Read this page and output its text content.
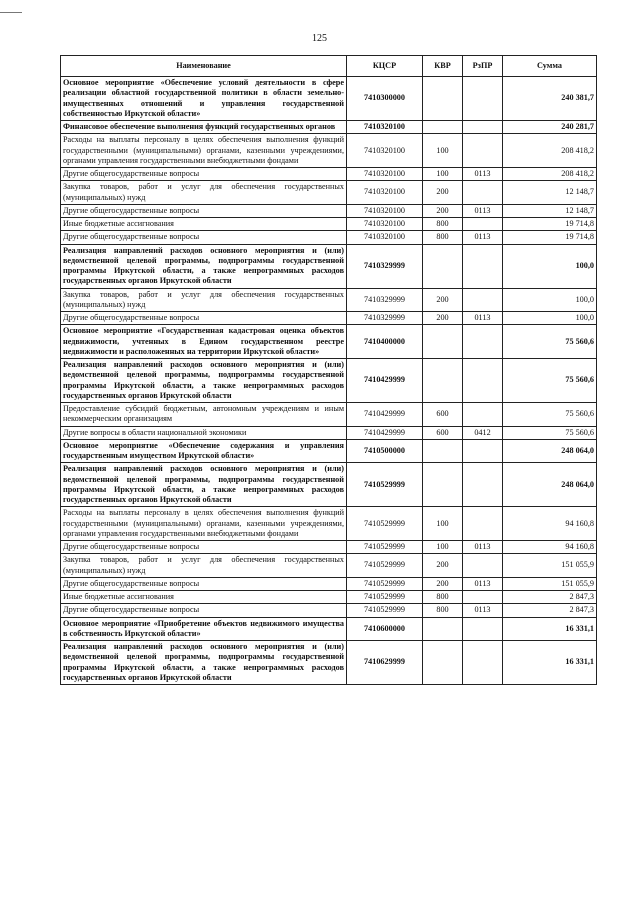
125
Наименование	КЦСР	КВР	РзПР	Сумма
Основное мероприятие «Обеспечение условий деятельности в сфере реализации областной государственной политики в области земельно-имущественных отношений и управления государственной собственностью Иркутской области»	7410300000			240 381,7
Финансовое обеспечение выполнения функций государственных органов	7410320100			240 281,7
Расходы на выплаты персоналу в целях обеспечения выполнения функций государственными (муниципальными) органами, казенными учреждениями, органами управления государственными внебюджетными фондами	7410320100	100		208 418,2
Другие общегосударственные вопросы	7410320100	100	0113	208 418,2
Закупка товаров, работ и услуг для обеспечения государственных (муниципальных) нужд	7410320100	200		12 148,7
Другие общегосударственные вопросы	7410320100	200	0113	12 148,7
Иные бюджетные ассигнования	7410320100	800		19 714,8
Другие общегосударственные вопросы	7410320100	800	0113	19 714,8
Реализация направлений расходов основного мероприятия и (или) ведомственной целевой программы, подпрограммы государственной программы Иркутской области, а также непрограммных расходов государственных органов Иркутской области	7410329999			100,0
Закупка товаров, работ и услуг для обеспечения государственных (муниципальных) нужд	7410329999	200		100,0
Другие общегосударственные вопросы	7410329999	200	0113	100,0
Основное мероприятие «Государственная кадастровая оценка объектов недвижимости, учтенных в Едином государственном реестре недвижимости и расположенных на территории Иркутской области»	7410400000			75 560,6
Реализация направлений расходов основного мероприятия и (или) ведомственной целевой программы, подпрограммы государственной программы Иркутской области, а также непрограммных расходов государственных органов Иркутской области	7410429999			75 560,6
Предоставление субсидий бюджетным, автономным учреждениям и иным некоммерческим организациям	7410429999	600		75 560,6
Другие вопросы в области национальной экономики	7410429999	600	0412	75 560,6
Основное мероприятие «Обеспечение содержания и управления государственным имуществом Иркутской области»	7410500000			248 064,0
Реализация направлений расходов основного мероприятия и (или) ведомственной целевой программы, подпрограммы государственной программы Иркутской области, а также непрограммных расходов государственных органов Иркутской области	7410529999			248 064,0
Расходы на выплаты персоналу в целях обеспечения выполнения функций государственными (муниципальными) органами, казенными учреждениями, органами управления государственными внебюджетными фондами	7410529999	100		94 160,8
Другие общегосударственные вопросы	7410529999	100	0113	94 160,8
Закупка товаров, работ и услуг для обеспечения государственных (муниципальных) нужд	7410529999	200		151 055,9
Другие общегосударственные вопросы	7410529999	200	0113	151 055,9
Иные бюджетные ассигнования	7410529999	800		2 847,3
Другие общегосударственные вопросы	7410529999	800	0113	2 847,3
Основное мероприятие «Приобретение объектов недвижимого имущества в собственность Иркутской области»	7410600000			16 331,1
Реализация направлений расходов основного мероприятия и (или) ведомственной целевой программы, подпрограммы государственной программы Иркутской области, а также непрограммных расходов государственных органов Иркутской области	7410629999			16 331,1
